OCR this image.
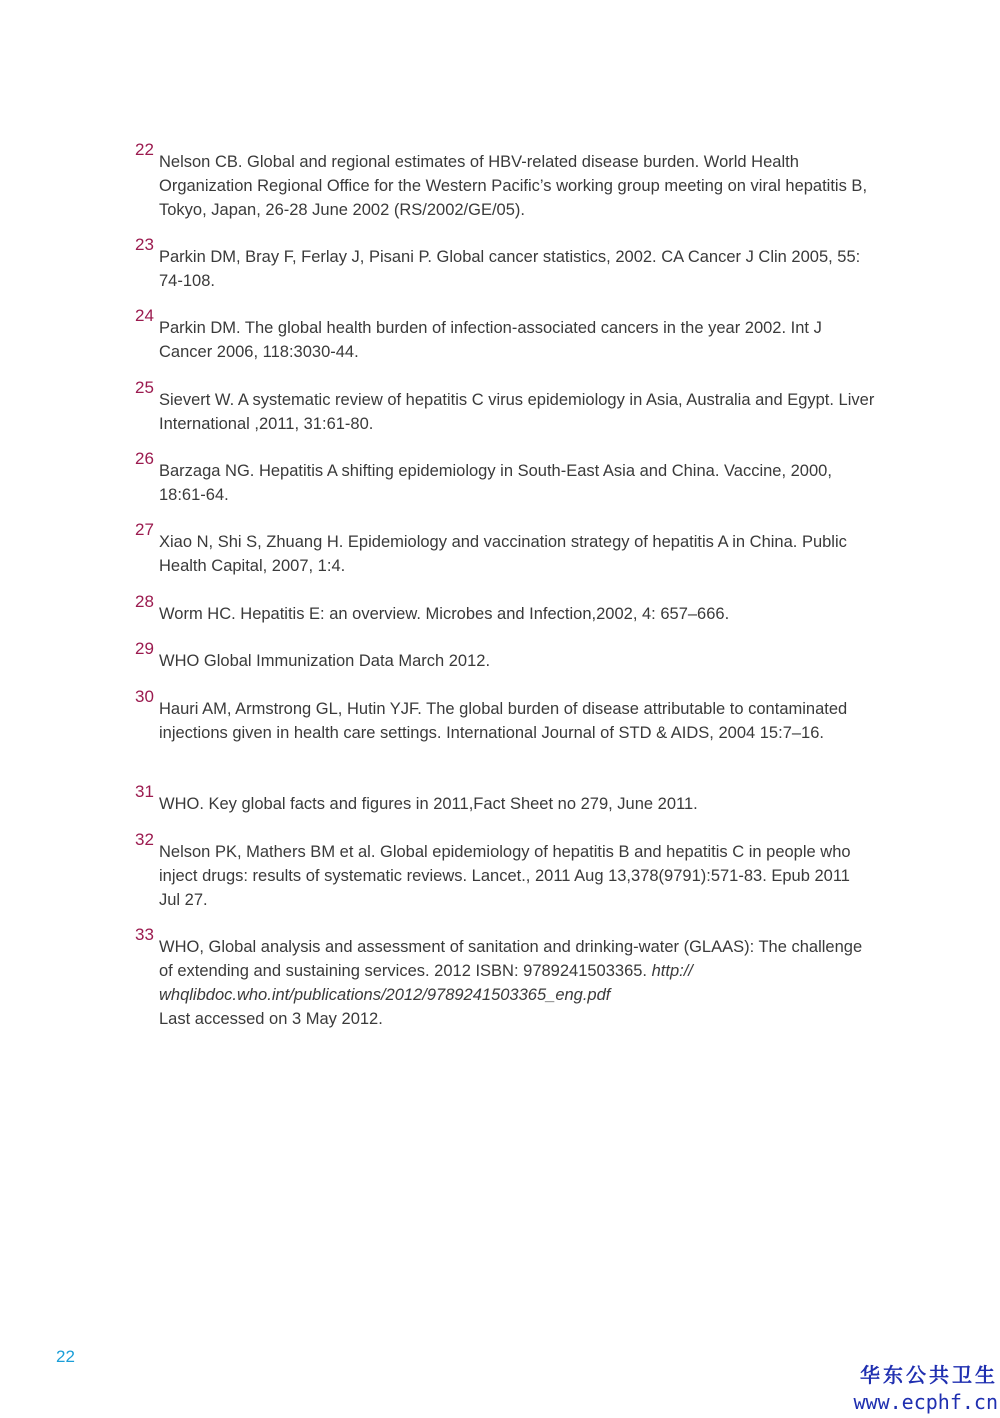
22
Nelson CB. Global and regional estimates of HBV-related disease burden. World Health Organization Regional Office for the Western Pacific’s working group meeting on viral hepatitis B, Tokyo, Japan, 26-28 June 2002 (RS/2002/GE/05).
23
Parkin DM, Bray F, Ferlay J, Pisani P. Global cancer statistics, 2002. CA Cancer J Clin 2005, 55: 74-108.
24
Parkin DM. The global health burden of infection-associated cancers in the year 2002. Int J Cancer 2006, 118:3030-44.
25
Sievert W. A systematic review of hepatitis C virus epidemiology in Asia, Australia and Egypt. Liver International ,2011, 31:61-80.
26
Barzaga NG. Hepatitis A shifting epidemiology in South-East Asia and China. Vaccine, 2000, 18:61-64.
27
Xiao N, Shi S, Zhuang H. Epidemiology and vaccination strategy of hepatitis A in China. Public Health Capital, 2007, 1:4.
28
Worm HC. Hepatitis E: an overview. Microbes and Infection,2002, 4: 657–666.
29
WHO Global Immunization Data March 2012.
30
Hauri AM, Armstrong GL, Hutin YJF. The global burden of disease attributable to contaminated injections given in health care settings. International Journal of STD & AIDS, 2004 15:7–16.
31
WHO. Key global facts and figures in 2011,Fact Sheet no 279, June 2011.
32
Nelson PK, Mathers BM et al. Global epidemiology of hepatitis B and hepatitis C in people who inject drugs: results of systematic reviews. Lancet., 2011 Aug 13,378(9791):571-83. Epub 2011 Jul 27.
33
WHO, Global analysis and assessment of sanitation and drinking-water (GLAAS): The challenge of extending and sustaining services. 2012 ISBN: 9789241503365. http:// whqlibdoc.who.int/publications/2012/9789241503365_eng.pdf
Last accessed on 3 May 2012.
22
华东公共卫生
www.ecphf.cn
